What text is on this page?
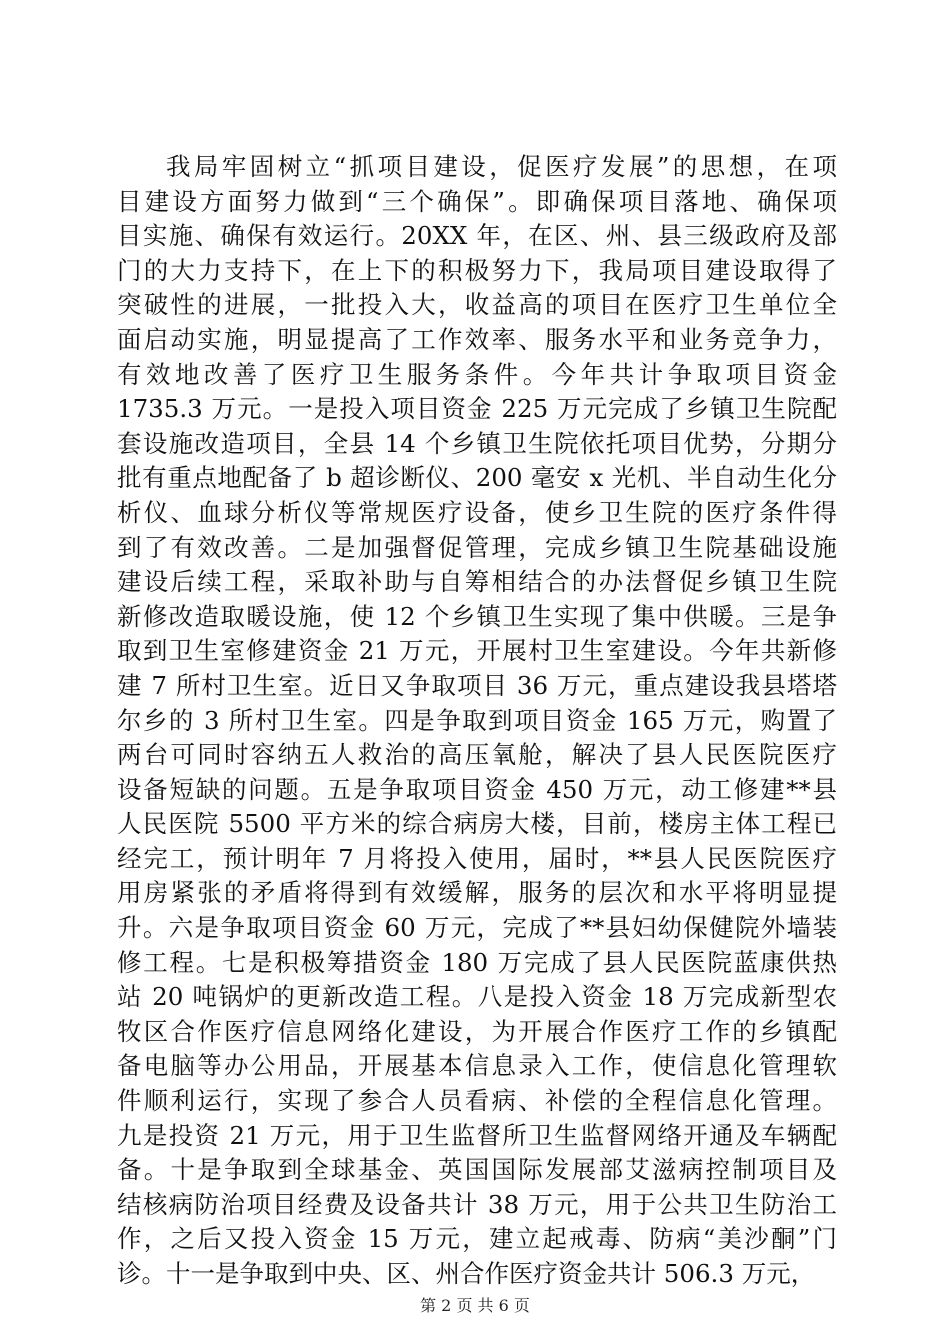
我局牢固树立“抓项目建设，促医疗发展”的思想，在项
目建设方面努力做到“三个确保”。即确保项目落地、确保项
目实施、确保有效运行。20XX 年，在区、州、县三级政府及部
门的大力支持下，在上下的积极努力下，我局项目建设取得了
突破性的进展，一批投入大，收益高的项目在医疗卫生单位全
面启动实施，明显提高了工作效率、服务水平和业务竞争力，
有效地改善了医疗卫生服务条件。今年共计争取项目资金
1735.3 万元。一是投入项目资金 225 万元完成了乡镇卫生院配
套设施改造项目，全县 14 个乡镇卫生院依托项目优势，分期分
批有重点地配备了 b 超诊断仪、200 毫安 x 光机、半自动生化分
析仪、血球分析仪等常规医疗设备，使乡卫生院的医疗条件得
到了有效改善。二是加强督促管理，完成乡镇卫生院基础设施
建设后续工程，采取补助与自筹相结合的办法督促乡镇卫生院
新修改造取暖设施，使 12 个乡镇卫生实现了集中供暖。三是争
取到卫生室修建资金 21 万元，开展村卫生室建设。今年共新修
建 7 所村卫生室。近日又争取项目 36 万元，重点建设我县塔塔
尔乡的 3 所村卫生室。四是争取到项目资金 165 万元，购置了
两台可同时容纳五人救治的高压氧舱，解决了县人民医院医疗
设备短缺的问题。五是争取项目资金 450 万元，动工修建**县
人民医院 5500 平方米的综合病房大楼，目前，楼房主体工程已
经完工，预计明年 7 月将投入使用，届时，**县人民医院医疗
用房紧张的矛盾将得到有效缓解，服务的层次和水平将明显提
升。六是争取项目资金 60 万元，完成了**县妇幼保健院外墙装
修工程。七是积极筹措资金 180 万完成了县人民医院蓝康供热
站 20 吨锅炉的更新改造工程。八是投入资金 18 万完成新型农
牧区合作医疗信息网络化建设，为开展合作医疗工作的乡镇配
备电脑等办公用品，开展基本信息录入工作，使信息化管理软
件顺利运行，实现了参合人员看病、补偿的全程信息化管理。
九是投资 21 万元，用于卫生监督所卫生监督网络开通及车辆配
备。十是争取到全球基金、英国国际发展部艾滋病控制项目及
结核病防治项目经费及设备共计 38 万元，用于公共卫生防治工
作，之后又投入资金 15 万元，建立起戒毒、防病“美沙酮”门
诊。十一是争取到中央、区、州合作医疗资金共计 506.3 万元，
第 2 页 共 6 页
